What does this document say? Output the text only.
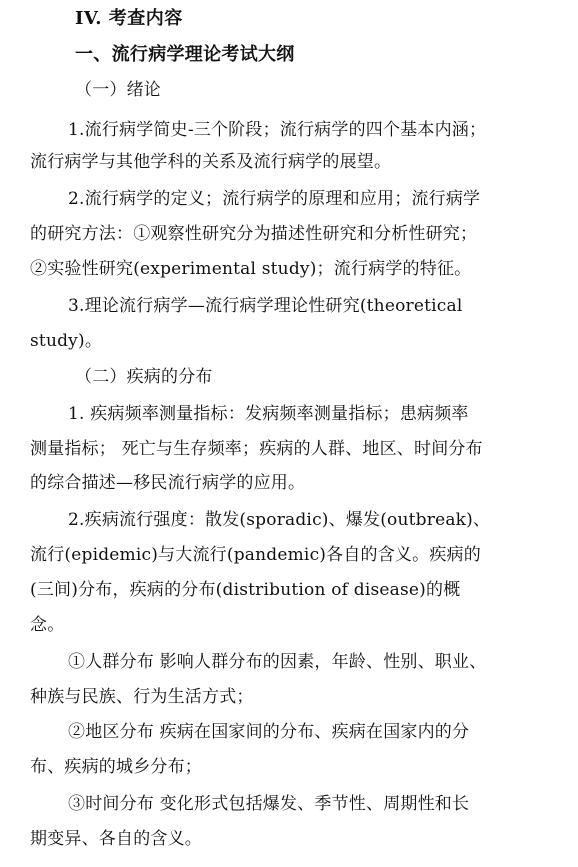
IV. 考查内容
一、流行病学理论考试大纲
（一）绪论
1.流行病学简史-三个阶段；流行病学的四个基本内涵；
流行病学与其他学科的关系及流行病学的展望。
2.流行病学的定义；流行病学的原理和应用；流行病学
的研究方法：①观察性研究分为描述性研究和分析性研究；
②实验性研究(experimental study)；流行病学的特征。
3.理论流行病学—流行病学理论性研究(theoretical
study)。
（二）疾病的分布
1. 疾病频率测量指标：发病频率测量指标；患病频率
测量指标； 死亡与生存频率；疾病的人群、地区、时间分布
的综合描述—移民流行病学的应用。
2.疾病流行强度：散发(sporadic)、爆发(outbreak)、
流行(epidemic)与大流行(pandemic)各自的含义。疾病的
(三间)分布，疾病的分布(distribution of disease)的概
念。
①人群分布 影响人群分布的因素，年龄、性别、职业、
种族与民族、行为生活方式；
②地区分布 疾病在国家间的分布、疾病在国家内的分
布、疾病的城乡分布；
③时间分布 变化形式包括爆发、季节性、周期性和长
期变异、各自的含义。
